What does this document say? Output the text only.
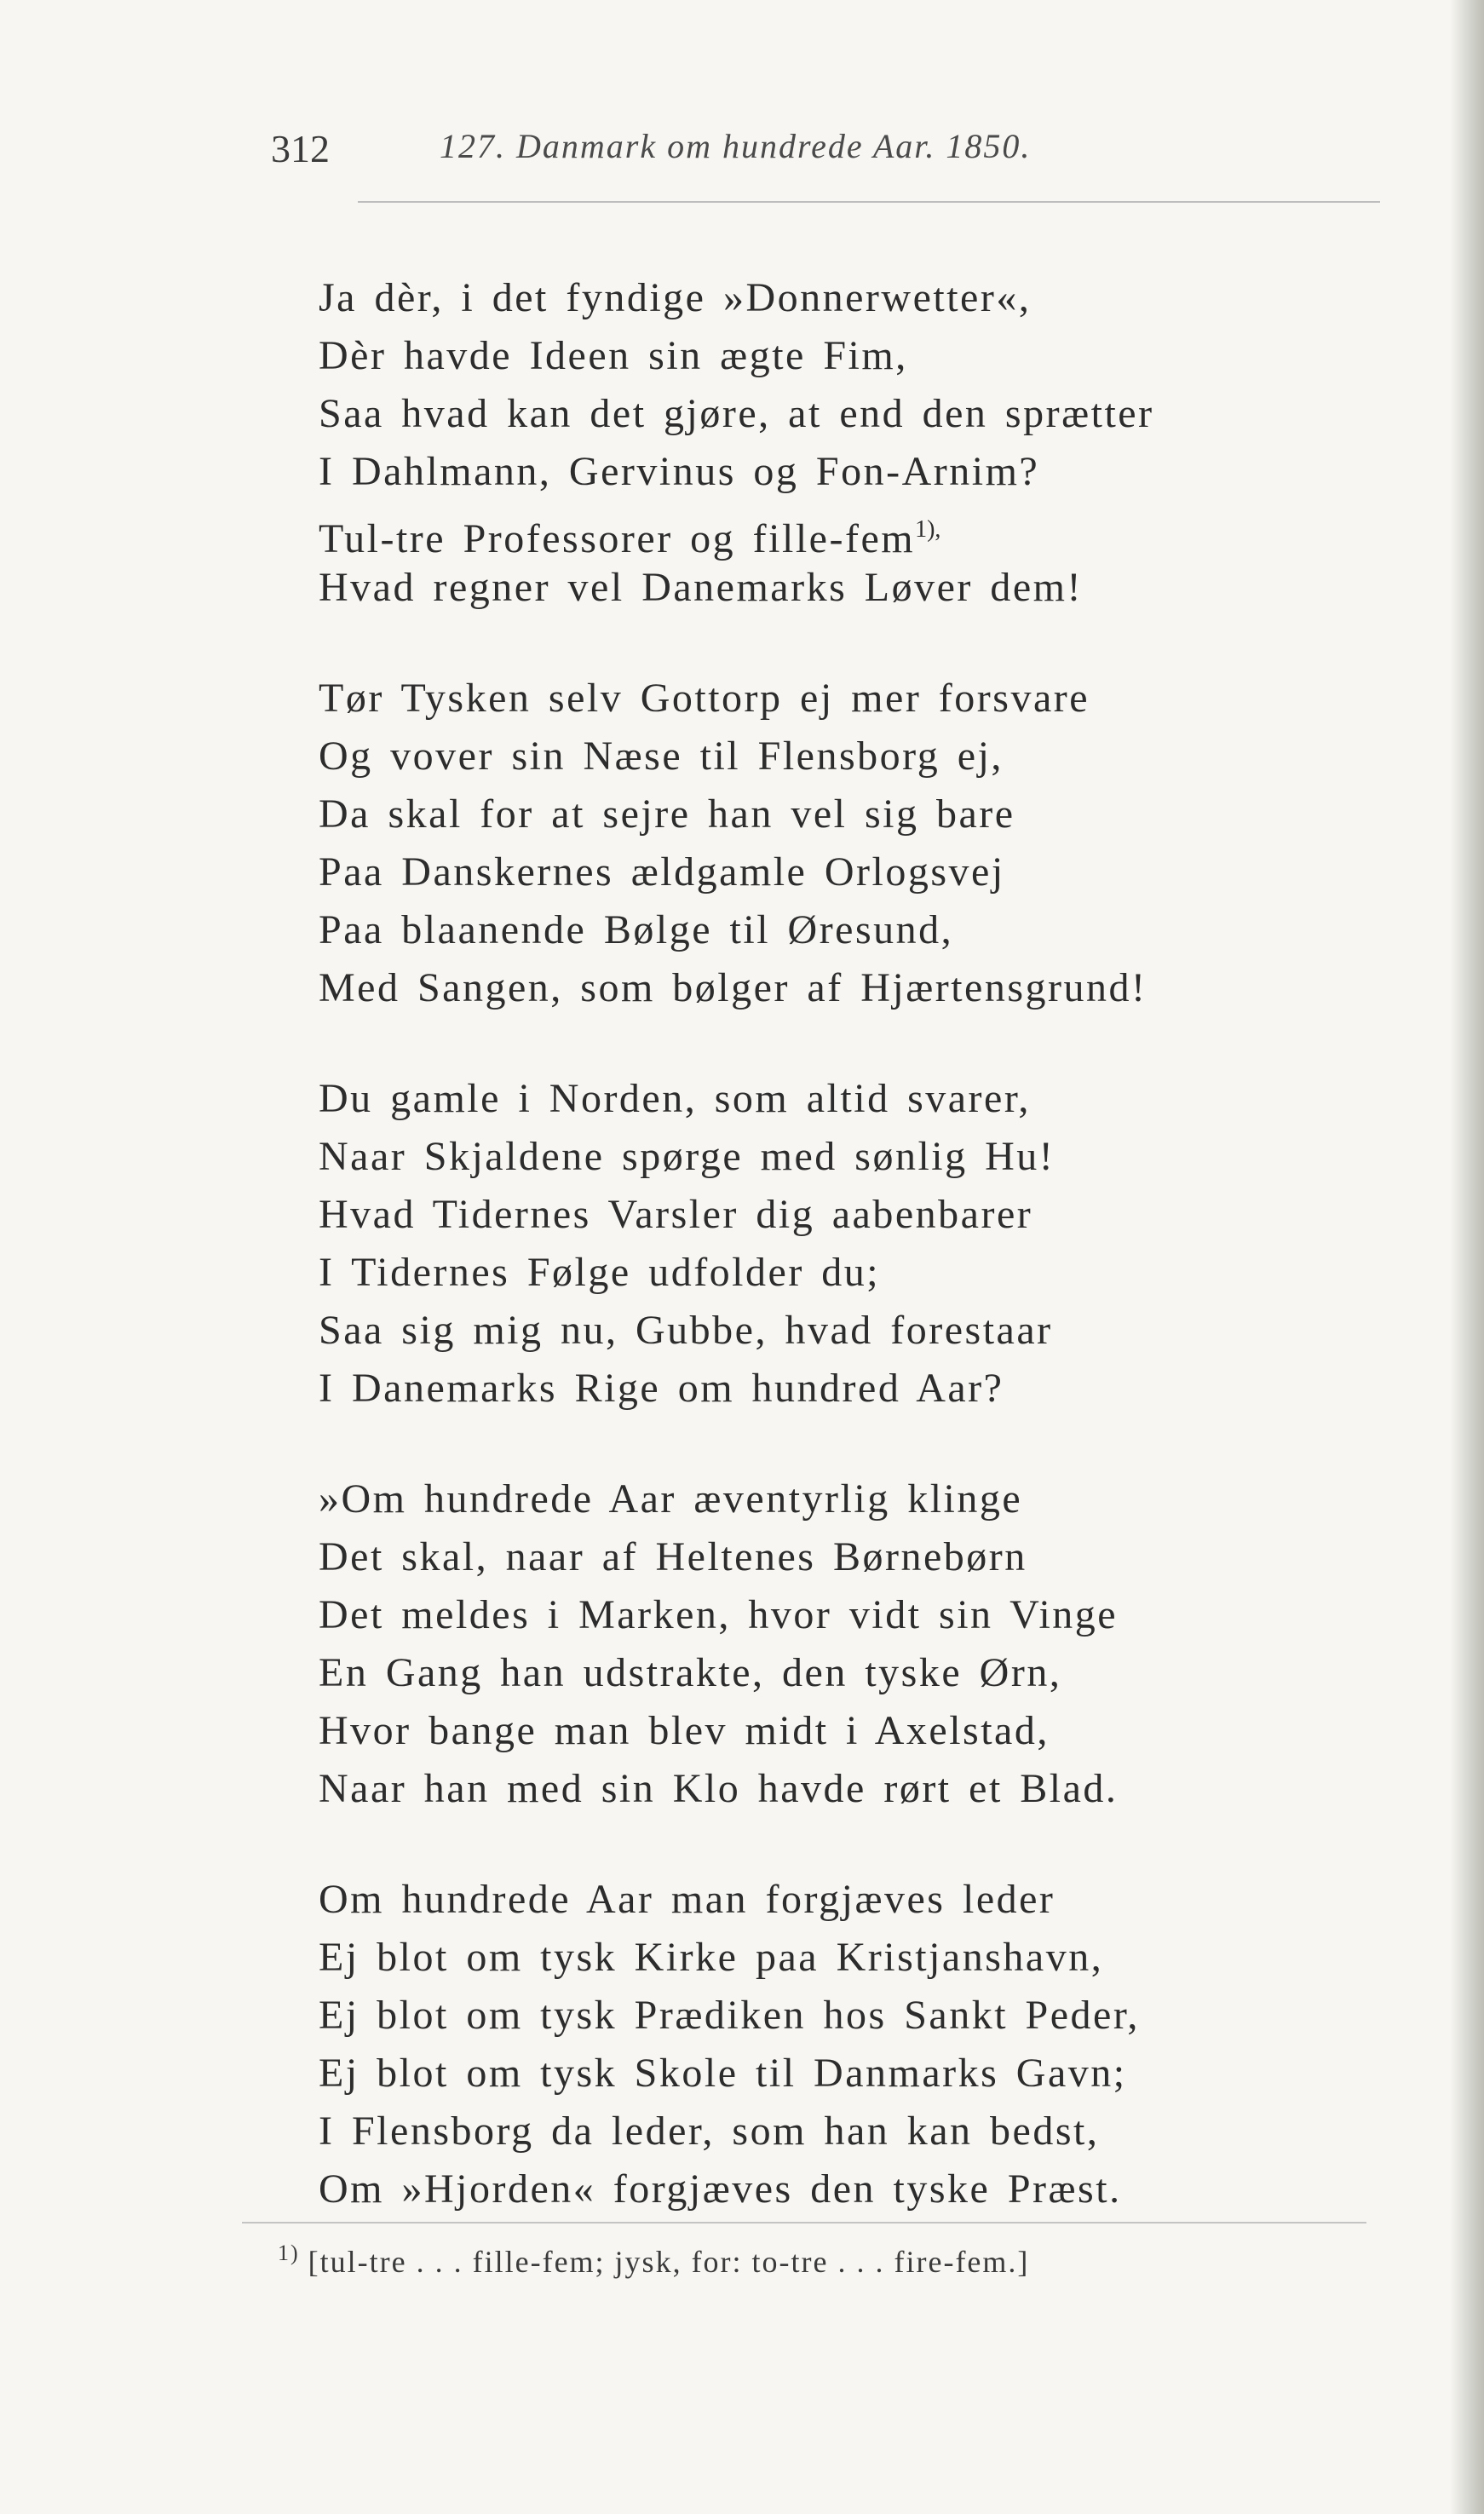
312	127. Danmark om hundrede Aar. 1850.
Ja dèr, i det fyndige »Donnerwetter«,
Dèr havde Ideen sin ægte Fim,
Saa hvad kan det gjøre, at end den sprætter
I Dahlmann, Gervinus og Fon-Arnim?
Tul-tre Professorer og fille-fem$^{1),}$
Hvad regner vel Danemarks Løver dem!
Tør Tysken selv Gottorp ej mer forsvare
Og vover sin Næse til Flensborg ej,
Da skal for at sejre han vel sig bare
Paa Danskernes ældgamle Orlogsvej
Paa blaanende Bølge til Øresund,
Med Sangen, som bølger af Hjærtensgrund!
Du gamle i Norden, som altid svarer,
Naar Skjaldene spørge med sønlig Hu!
Hvad Tidernes Varsler dig aabenbarer
I Tidernes Følge udfolder du;
Saa sig mig nu, Gubbe, hvad forestaar
I Danemarks Rige om hundred Aar?
»Om hundrede Aar æventyrlig klinge
Det skal, naar af Heltenes Børnebørn
Det meldes i Marken, hvor vidt sin Vinge
En Gang han udstrakte, den tyske Ørn,
Hvor bange man blev midt i Axelstad,
Naar han med sin Klo havde rørt et Blad.
Om hundrede Aar man forgjæves leder
Ej blot om tysk Kirke paa Kristjanshavn,
Ej blot om tysk Prædiken hos Sankt Peder,
Ej blot om tysk Skole til Danmarks Gavn;
I Flensborg da leder, som han kan bedst,
Om »Hjorden« forgjæves den tyske Præst.
$^{1)}$ [tul-tre . . . fille-fem; jysk, for: to-tre . . . fire-fem.]
